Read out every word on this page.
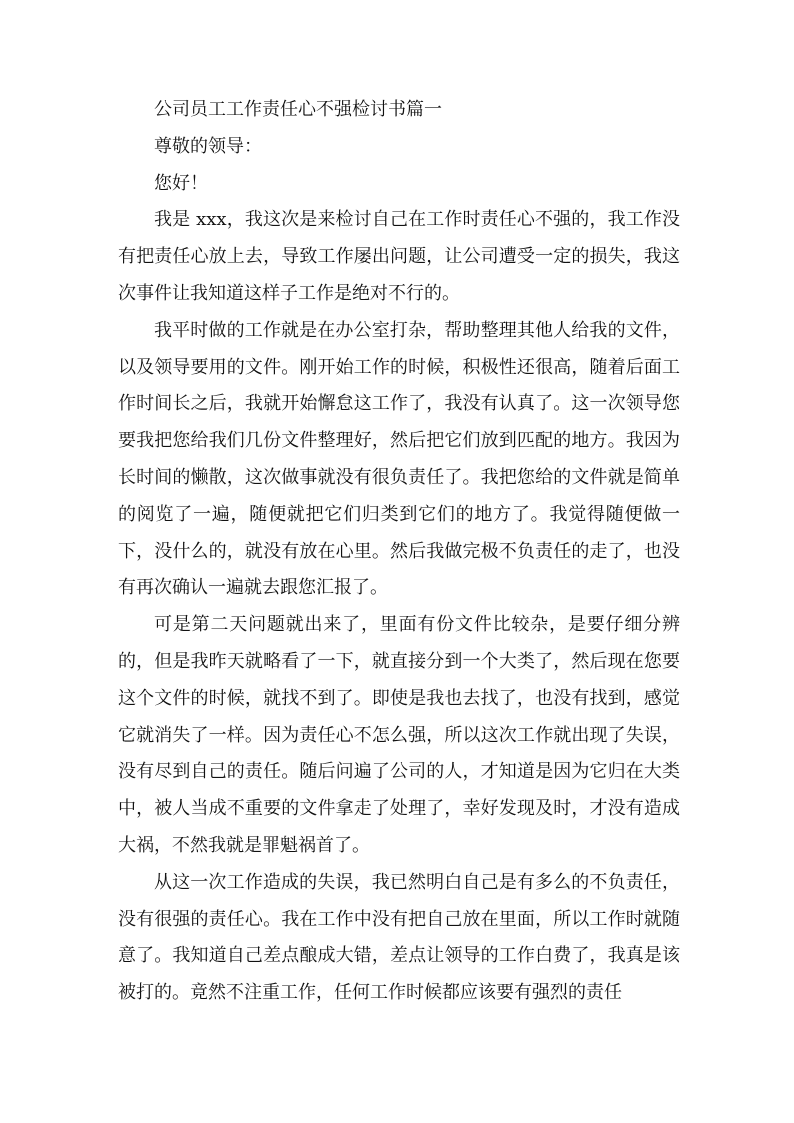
公司员工工作责任心不强检讨书篇一
尊敬的领导：
您好！

我是 xxx，我这次是来检讨自己在工作时责任心不强的，我工作没有把责任心放上去，导致工作屡出问题，让公司遭受一定的损失，我这次事件让我知道这样子工作是绝对不行的。

我平时做的工作就是在办公室打杂，帮助整理其他人给我的文件，以及领导要用的文件。刚开始工作的时候，积极性还很高，随着后面工作时间长之后，我就开始懈怠这工作了，我没有认真了。这一次领导您要我把您给我们几份文件整理好，然后把它们放到匹配的地方。我因为长时间的懒散，这次做事就没有很负责任了。我把您给的文件就是简单的阅览了一遍，随便就把它们归类到它们的地方了。我觉得随便做一下，没什么的，就没有放在心里。然后我做完极不负责任的走了，也没有再次确认一遍就去跟您汇报了。

可是第二天问题就出来了，里面有份文件比较杂，是要仔细分辨的，但是我昨天就略看了一下，就直接分到一个大类了，然后现在您要这个文件的时候，就找不到了。即使是我也去找了，也没有找到，感觉它就消失了一样。因为责任心不怎么强，所以这次工作就出现了失误，没有尽到自己的责任。随后问遍了公司的人，才知道是因为它归在大类中，被人当成不重要的文件拿走了处理了，幸好发现及时，才没有造成大祸，不然我就是罪魁祸首了。

从这一次工作造成的失误，我已然明白自己是有多么的不负责任，没有很强的责任心。我在工作中没有把自己放在里面，所以工作时就随意了。我知道自己差点酿成大错，差点让领导的工作白费了，我真是该被打的。竟然不注重工作，任何工作时候都应该要有强烈的责任
